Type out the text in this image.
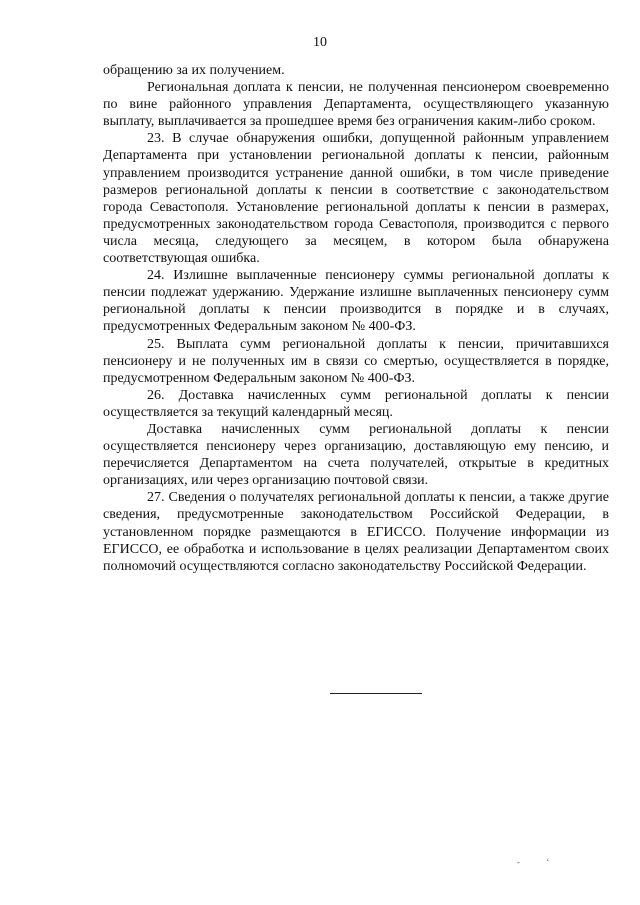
10

обращению за их получением.

Региональная доплата к пенсии, не полученная пенсионером своевременно по вине районного управления Департамента, осуществляющего указанную выплату, выплачивается за прошедшее время без ограничения каким-либо сроком.

23. В случае обнаружения ошибки, допущенной районным управлением Департамента при установлении региональной доплаты к пенсии, районным управлением производится устранение данной ошибки, в том числе приведение размеров региональной доплаты к пенсии в соответствие с законодательством города Севастополя. Установление региональной доплаты к пенсии в размерах, предусмотренных законодательством города Севастополя, производится с первого числа месяца, следующего за месяцем, в котором была обнаружена соответствующая ошибка.

24. Излишне выплаченные пенсионеру суммы региональной доплаты к пенсии подлежат удержанию. Удержание излишне выплаченных пенсионеру сумм региональной доплаты к пенсии производится в порядке и в случаях, предусмотренных Федеральным законом № 400-ФЗ.

25. Выплата сумм региональной доплаты к пенсии, причитавшихся пенсионеру и не полученных им в связи со смертью, осуществляется в порядке, предусмотренном Федеральным законом № 400-ФЗ.

26. Доставка начисленных сумм региональной доплаты к пенсии осуществляется за текущий календарный месяц.

Доставка начисленных сумм региональной доплаты к пенсии осуществляется пенсионеру через организацию, доставляющую ему пенсию, и перечисляется Департаментом на счета получателей, открытые в кредитных организациях, или через организацию почтовой связи.

27. Сведения о получателях региональной доплаты к пенсии, а также другие сведения, предусмотренные законодательством Российской Федерации, в установленном порядке размещаются в ЕГИССО. Получение информации из ЕГИССО, ее обработка и использование в целях реализации Департаментом своих полномочий осуществляются согласно законодательству Российской Федерации.

- ‘
